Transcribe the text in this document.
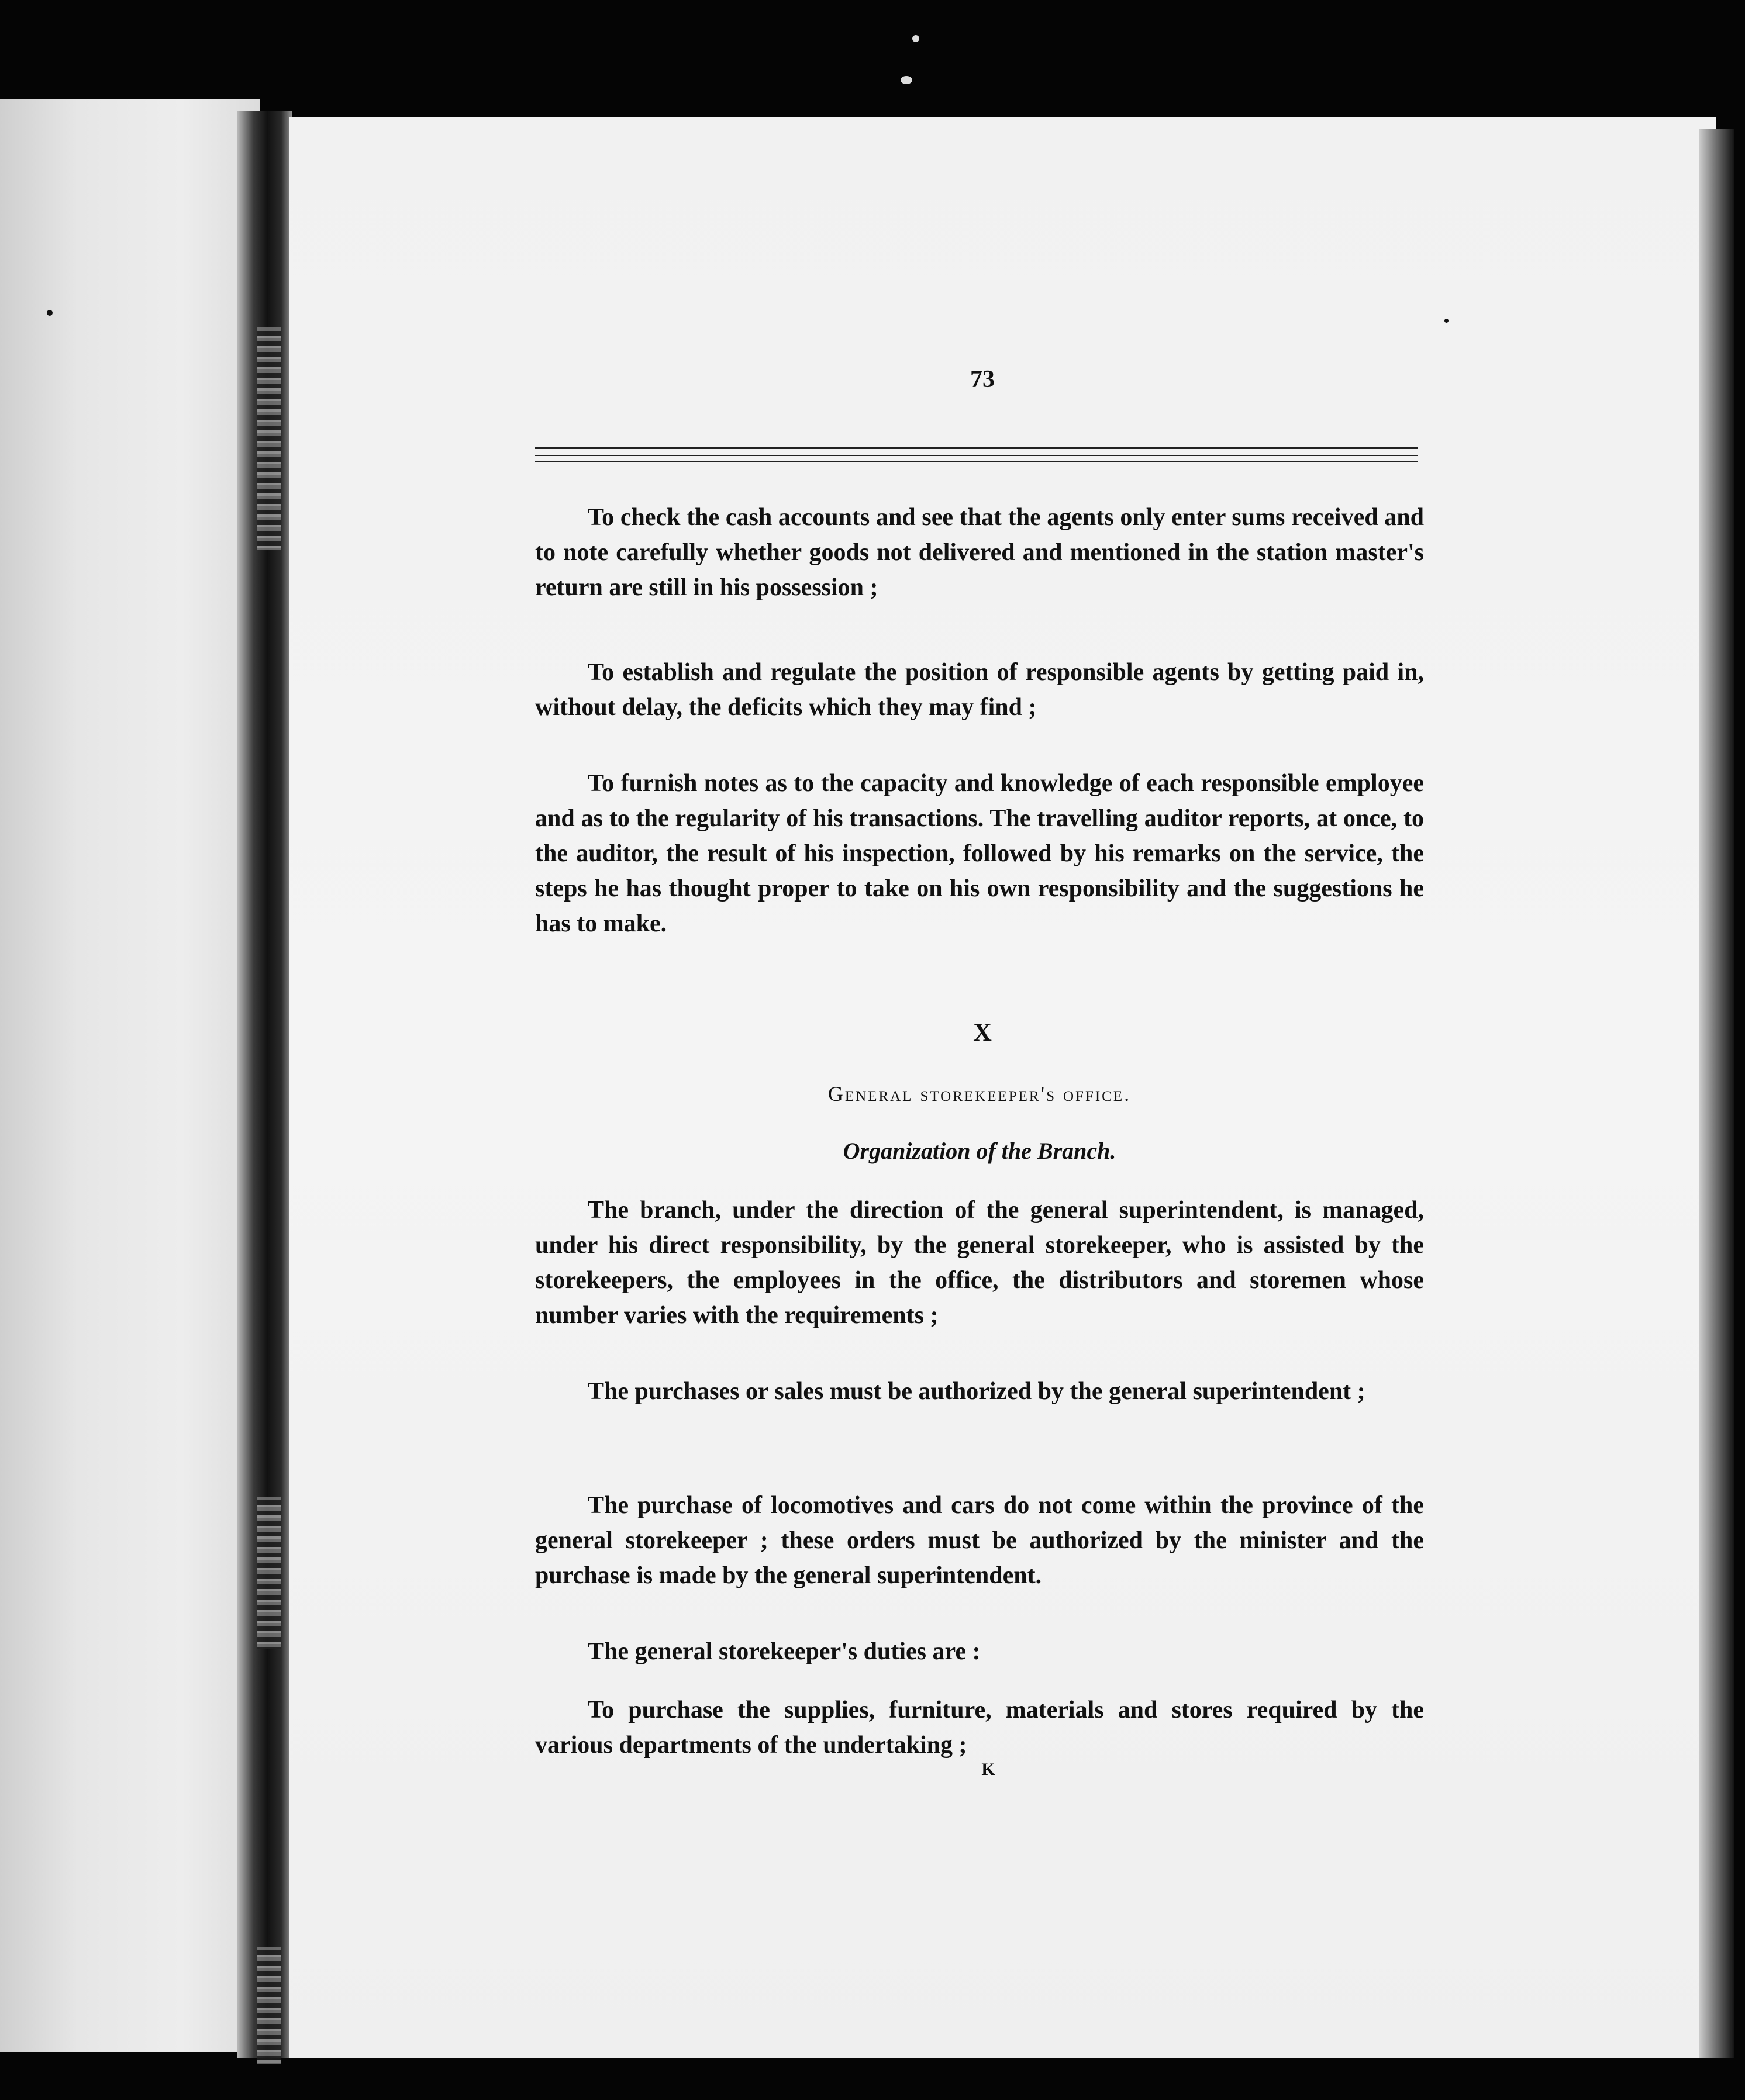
73

To check the cash accounts and see that the agents only enter sums received and to note carefully whether goods not delivered and mentioned in the station master's return are still in his possession ;

To establish and regulate the position of responsible agents by getting paid in, without delay, the deficits which they may find ;

To furnish notes as to the capacity and knowledge of each responsible employee and as to the regularity of his transactions. The travelling auditor reports, at once, to the auditor, the result of his inspection, followed by his remarks on the service, the steps he has thought proper to take on his own responsibility and the suggestions he has to make.

X
General storekeeper's office.
Organization of the Branch.

The branch, under the direction of the general superintendent, is managed, under his direct responsibility, by the general storekeeper, who is assisted by the storekeepers, the employees in the office, the distributors and storemen whose number varies with the requirements ;

The purchases or sales must be authorized by the general superintendent ;

The purchase of locomotives and cars do not come within the province of the general storekeeper ; these orders must be authorized by the minister and the purchase is made by the general superintendent.

The general storekeeper's duties are :

To purchase the supplies, furniture, materials and stores required by the various departments of the undertaking ;

K
